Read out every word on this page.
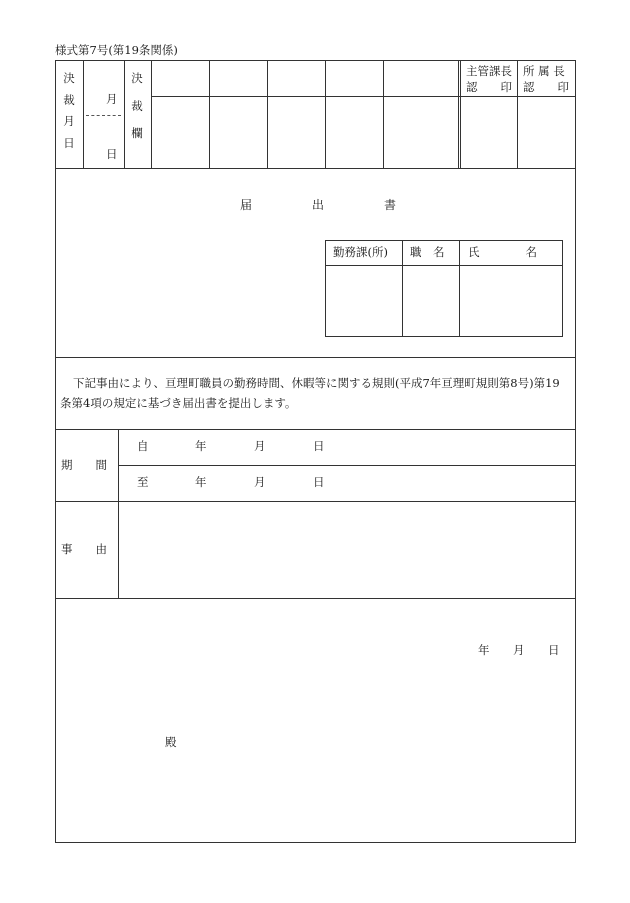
様式第7号(第19条関係)
決
裁
月
日
月
日
決
裁
欄
主管課長
認　　印
所 属 長
認　　印
届　　　　　出　　　　　書
勤務課(所) 職　名 氏　　　　名
下記事由により、亘理町職員の勤務時間、休暇等に関する規則(平成7年亘理町規則第8号)第19
条第4項の規定に基づき届出書を提出します。
期　　間
自	年	月	日
至	年	月	日
事　　由
年 月 日
殿
